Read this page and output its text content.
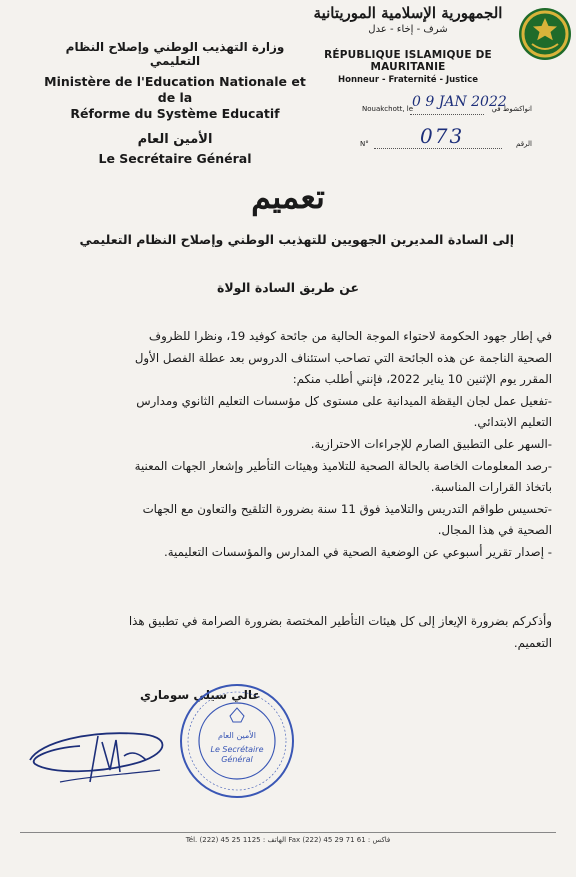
وزارة التهذيب الوطني وإصلاح النظام التعليمي
Ministère de l'Education Nationale et de la
Réforme du Système Educatif
الأمين العام
Le Secrétaire Général
الجمهورية الإسلامية الموريتانية
شرف - إخاء - عدل
RÉPUBLIQUE ISLAMIQUE DE MAURITANIE
Honneur - Fraternité - Justice
Nouakchott, le
0 9 JAN 2022
انواكشوط في
N°	073	الرقم
تعميم
إلى السادة المديرين الجهويين للتهذيب الوطني وإصلاح النظام التعليمي
عن طريق السادة الولاة

في إطار جهود الحكومة لاحتواء الموجة الحالية من جائحة كوفيد 19، ونظرا للظروف

الصحية الناجمة عن هذه الجائحة التي تصاحب استئناف الدروس بعد عطلة الفصل الأول

المقرر يوم الإثنين 10 يناير 2022، فإنني أطلب منكم:

-تفعيل عمل لجان اليقظة الميدانية على مستوى كل مؤسسات التعليم الثانوي ومدارس

التعليم الابتدائي.

-السهر على التطبيق الصارم للإجراءات الاحترازية.

-رصد المعلومات الخاصة بالحالة الصحية للتلاميذ وهيئات التأطير وإشعار الجهات المعنية

باتخاذ القرارات المناسبة.

-تحسيس طواقم التدريس والتلاميذ فوق 11 سنة بضرورة التلقيح والتعاون مع الجهات

الصحية في هذا المجال.

- إصدار تقرير أسبوعي عن الوضعية الصحية في المدارس والمؤسسات التعليمية.

وأذكركم بضرورة الإيعاز إلى كل هيئات التأطير المختصة بضرورة الصرامة في تطبيق هذا

التعميم.

عالي سيلي سوماري
الأمين العام
Le Secrétaire
Général
Tél. (222) 45 25 1125 : الهاتف Fax (222) 45 29 71 61 : فاكس
